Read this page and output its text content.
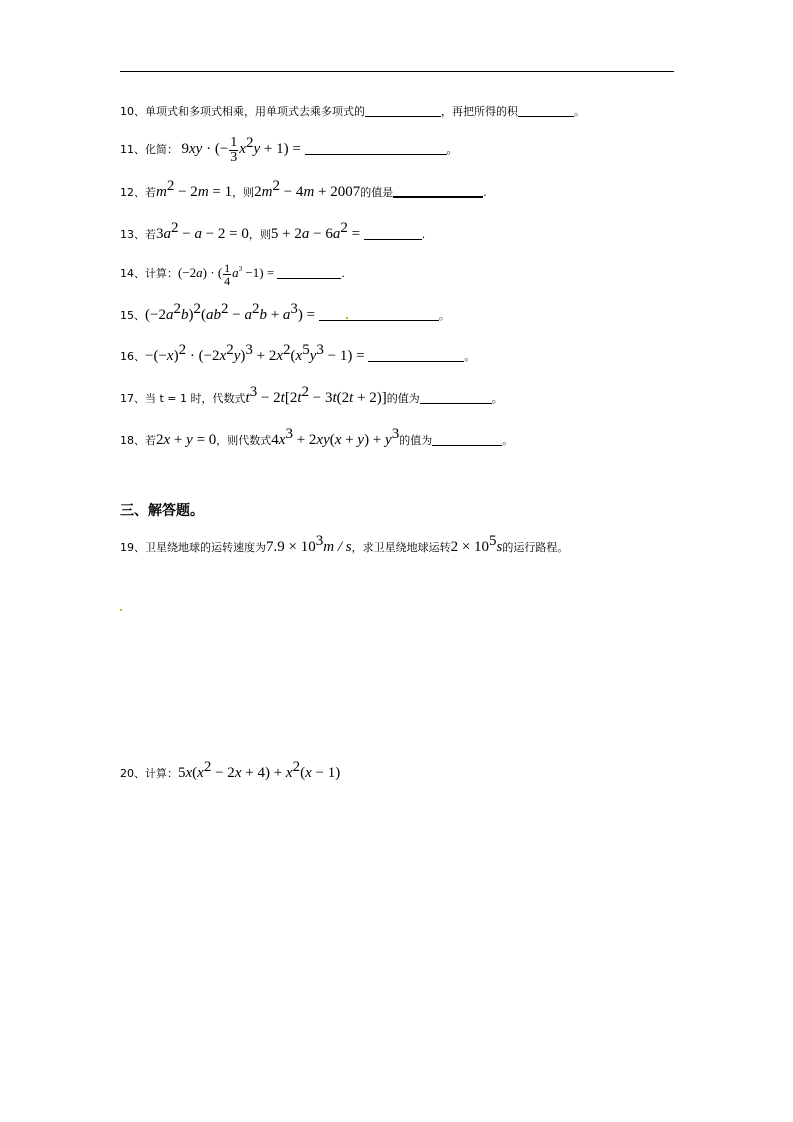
10、单项式和多项式相乘，用单项式去乘多项式的	，再把所得的积	。
11、化简： 9xy · (− $\frac{1}{3} x^2y + 1$) =	。
12、若$m^2 - 2m = 1$，则$2m^2 - 4m + 2007$的值是	.
13、若$3a^2 - a - 2 = 0$，则$5 + 2a - 6a^2$ =	.
14、计算：(−2a) · ( $\frac{1}{4} a^3 -1$) =	.
15、$(-2a^2b)^2(ab^2 - a^2b + a^3)$ =	。
16、$-(-x)^2 \cdot (-2x^2y)^3 + 2x^2(x^5y^3 - 1)$ =	。
17、当 t = 1 时，代数式$t^3 - 2t[2t^2 - 3t(2t + 2)]$的值为	。
18、若2x + y = 0，则代数式$4x^3 + 2xy(x + y) + y^3$的值为	。
三、解答题。
19、卫星绕地球的运转速度为$7.9 \times 10^3m / s$，求卫星绕地球运转$2 \times 10^5s$的运行路程。
20、计算：$5x(x^2 - 2x + 4) + x^2(x - 1)$
